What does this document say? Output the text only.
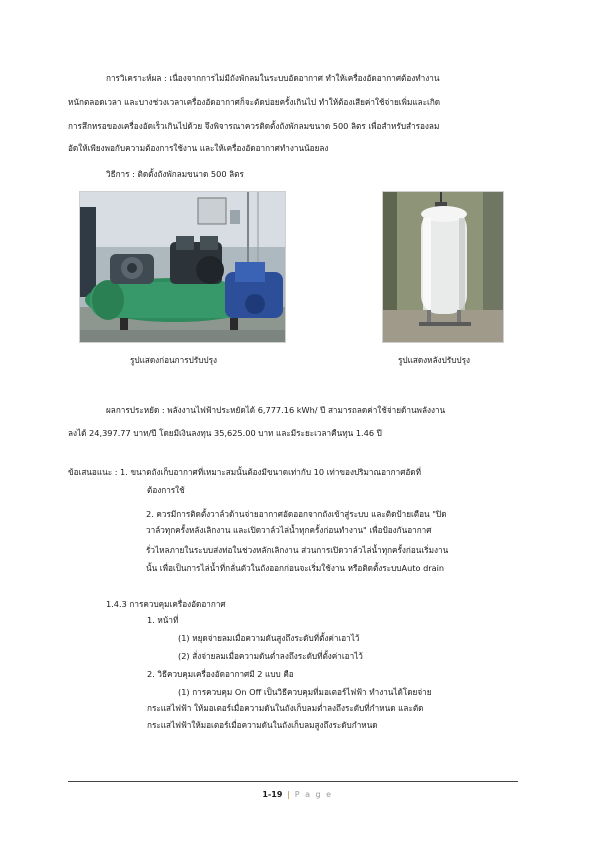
การวิเคราะห์ผล : เนื่องจากการไม่มีถังพักลมในระบบอัดอากาศ ทำให้เครื่องอัดอากาศต้องทำงาน
หนักตลอดเวลา และบางช่วงเวลาเครื่องอัดอากาศก็จะตัดบ่อยครั้งเกินไป ทำให้ต้องเสียค่าใช้จ่ายเพิ่มและเกิด
การสึกหรอของเครื่องอัดเร็วเกินไปด้วย จึงพิจารณาควรติดตั้งถังพักลมขนาด 500 ลิตร เพื่อสำหรับสำรองลม
อัดให้เพียงพอกับความต้องการใช้งาน และให้เครื่องอัดอากาศทำงานน้อยลง
วิธีการ : ติดตั้งถังพักลมขนาด 500 ลิตร
รูปแสดงก่อนการปรับปรุง	รูปแสดงหลังปรับปรุง
ผลการประหยัด : พลังงานไฟฟ้าประหยัดได้ 6,777.16 kWh/ ปี สามารถลดค่าใช้จ่ายด้านพลังงาน
ลงได้ 24,397.77 บาท/ปี โดยมีเงินลงทุน 35,625.00 บาท และมีระยะเวลาคืนทุน 1.46 ปี
ข้อเสนอแนะ : 1. ขนาดถังเก็บอากาศที่เหมาะสมนั้นต้องมีขนาดเท่ากับ 10 เท่าของปริมาณอากาศอัดที่
ต้องการใช้
2. ควรมีการติดตั้งวาล์วด้านจ่ายอากาศอัดออกจากถังเข้าสู่ระบบ และติดป้ายเตือน "ปิด
วาล์วทุกครั้งหลังเลิกงาน และเปิดวาล์วไล่น้ำทุกครั้งก่อนทำงาน" เพื่อป้องกันอากาศ
รั่วไหลภายในระบบส่งท่อในช่วงหลักเลิกงาน ส่วนการเปิดวาล์วไล่น้ำทุกครั้งก่อนเริ่มงาน
นั้น เพื่อเป็นการไล่น้ำที่กลั่นตัวในถังออกก่อนจะเริ่มใช้งาน หรือติดตั้งระบบAuto drain
1.4.3 การควบคุมเครื่องอัดอากาศ
1. หน้าที่
(1) หยุดจ่ายลมเมื่อความดันสูงถึงระดับที่ตั้งค่าเอาไว้
(2) สั่งจ่ายลมเมื่อความดันต่ำลงถึงระดับที่ตั้งค่าเอาไว้
2. วิธีควบคุมเครื่องอัดอากาศมี 2 แบบ คือ
(1) การควบคุม On Off เป็นวิธีควบคุมที่มอเตอร์ไฟฟ้า ทำงานได้โดยจ่าย
กระแสไฟฟ้า ให้มอเตอร์เมื่อความดันในถังเก็บลมต่ำลงถึงระดับที่กำหนด และตัด
กระแสไฟฟ้าให้มอเตอร์เมื่อความดันในถังเก็บลมสูงถึงระดับกำหนด
1-19 | P a g e
